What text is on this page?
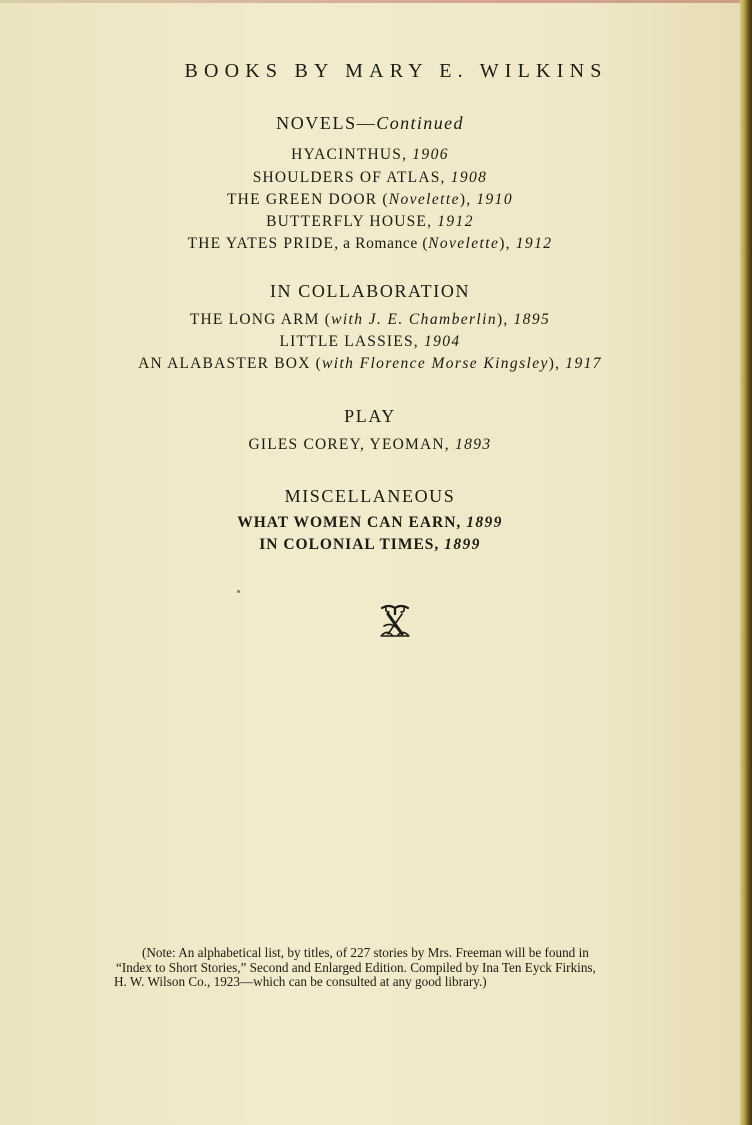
BOOKS BY MARY E. WILKINS
NOVELS—Continued
HYACINTHUS, 1906
SHOULDERS OF ATLAS, 1908
THE GREEN DOOR (Novelette), 1910
BUTTERFLY HOUSE, 1912
THE YATES PRIDE, a Romance (Novelette), 1912
IN COLLABORATION
THE LONG ARM (with J. E. Chamberlin), 1895
LITTLE LASSIES, 1904
AN ALABASTER BOX (with Florence Morse Kingsley), 1917
PLAY
GILES COREY, YEOMAN, 1893
MISCELLANEOUS
WHAT WOMEN CAN EARN, 1899
IN COLONIAL TIMES, 1899
(Note: An alphabetical list, by titles, of 227 stories by Mrs. Freeman will be found in
“Index to Short Stories,” Second and Enlarged Edition. Compiled by Ina Ten Eyck Firkins,
H. W. Wilson Co., 1923—which can be consulted at any good library.)
